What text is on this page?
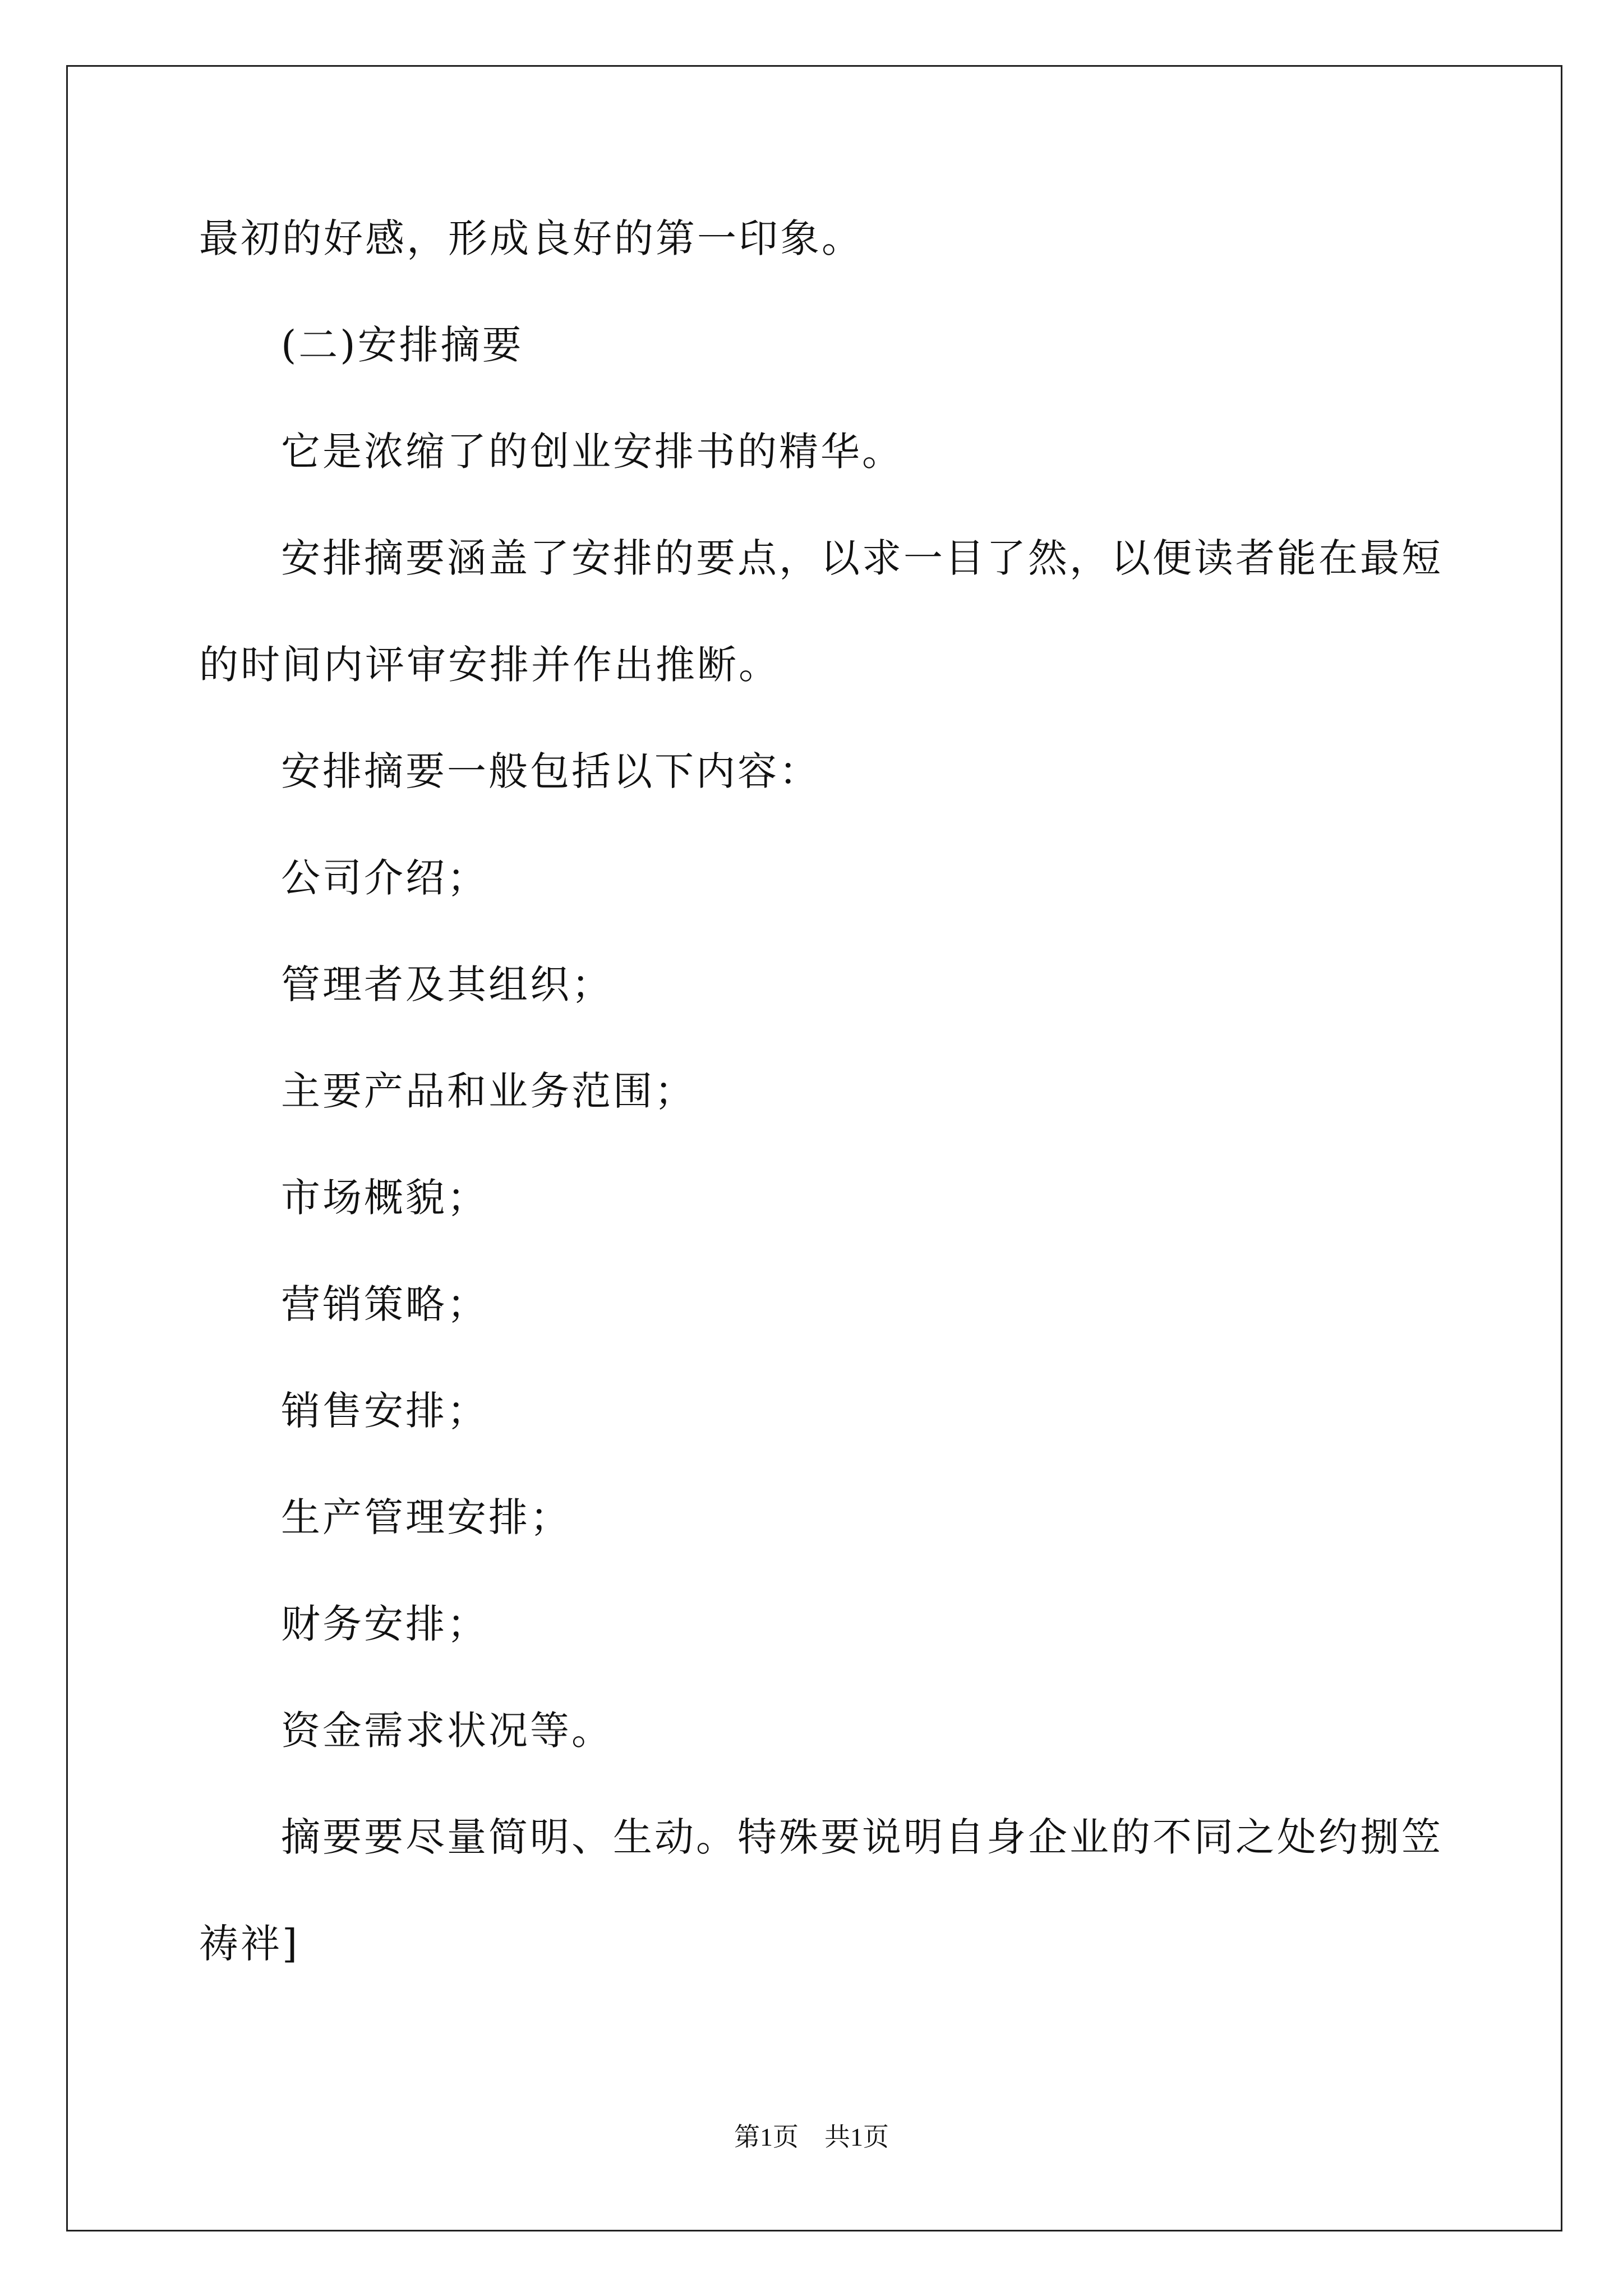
最初的好感，形成良好的第一印象。
(二)安排摘要
它是浓缩了的创业安排书的精华。
安排摘要涵盖了安排的要点，以求一目了然，以便读者能在最短
的时间内评审安排并作出推断。
安排摘要一般包括以下内容：
公司介绍；
管理者及其组织；
主要产品和业务范围；
市场概貌；
营销策略；
销售安排；
生产管理安排；
财务安排；
资金需求状况等。
摘要要尽量简明、生动。特殊要说明自身企业的不同之处约捌笠
祷袢]
第1页　共1页
